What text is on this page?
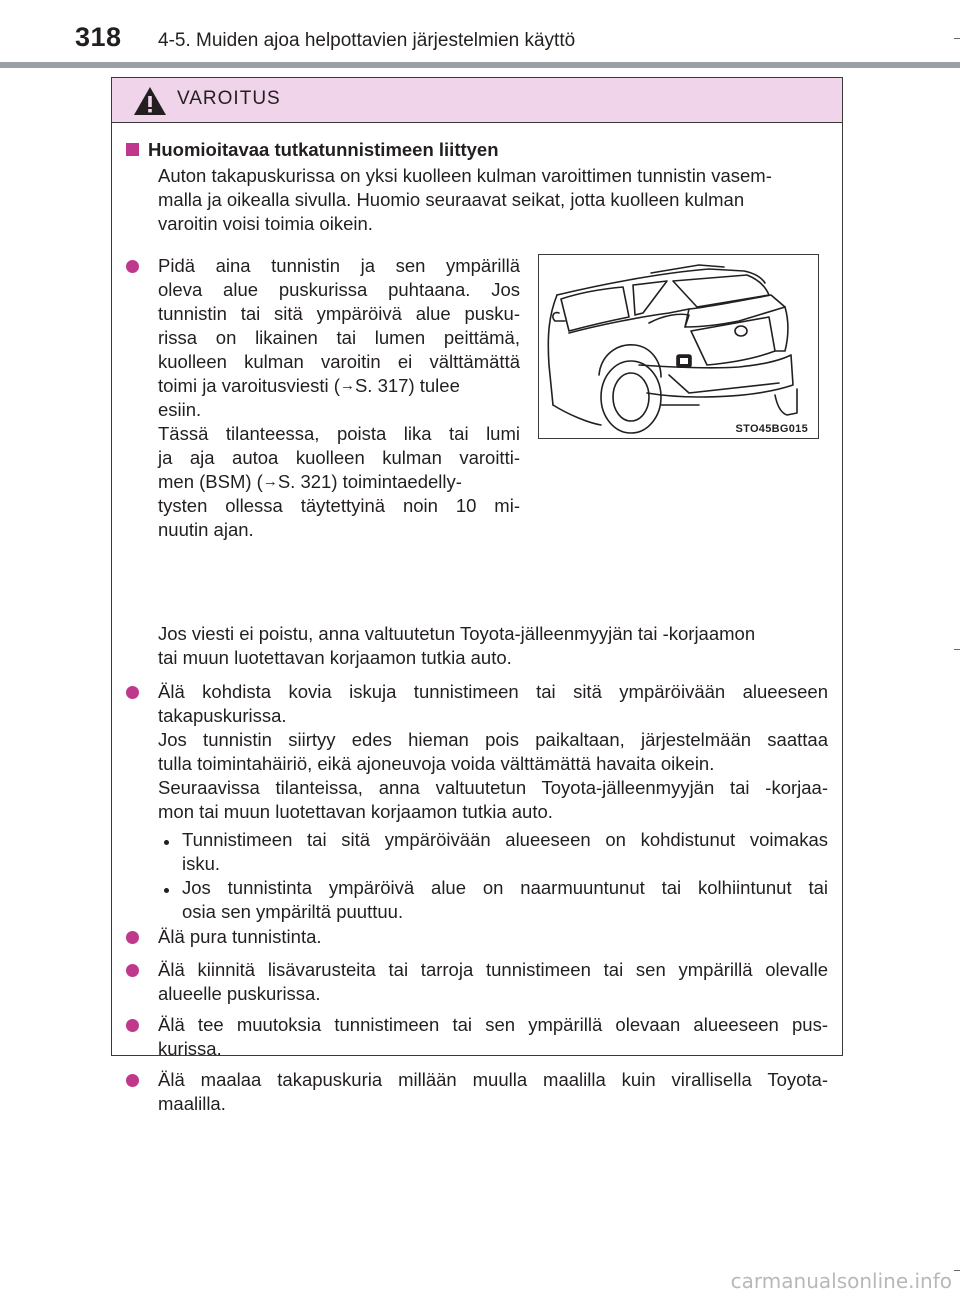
318 4-5. Muiden ajoa helpottavien järjestelmien käyttö
VAROITUS
Huomioitavaa tutkatunnistimeen liittyen
Auton takapuskurissa on yksi kuolleen kulman varoittimen tunnistin vasem-
malla ja oikealla sivulla. Huomio seuraavat seikat, jotta kuolleen kulman
varoitin voisi toimia oikein.
Pidä aina tunnistin ja sen ympärillä
oleva alue puskurissa puhtaana. Jos
tunnistin tai sitä ympäröivä alue pusku-
rissa on likainen tai lumen peittämä,
kuolleen kulman varoitin ei välttämättä
toimi ja varoitusviesti (→S. 317) tulee
esiin.
Tässä tilanteessa, poista lika tai lumi
ja aja autoa kuolleen kulman varoitti-
men (BSM) (→S. 321) toimintaedelly-
tysten ollessa täytettyinä noin 10 mi-
nuutin ajan.
Jos viesti ei poistu, anna valtuutetun Toyota-jälleenmyyjän tai -korjaamon
tai muun luotettavan korjaamon tutkia auto.
Älä kohdista kovia iskuja tunnistimeen tai sitä ympäröivään alueeseen
takapuskurissa.
Jos tunnistin siirtyy edes hieman pois paikaltaan, järjestelmään saattaa
tulla toimintahäiriö, eikä ajoneuvoja voida välttämättä havaita oikein.
Seuraavissa tilanteissa, anna valtuutetun Toyota-jälleenmyyjän tai -korjaa-
mon tai muun luotettavan korjaamon tutkia auto.
Tunnistimeen tai sitä ympäröivään alueeseen on kohdistunut voimakas
isku.
Jos tunnistinta ympäröivä alue on naarmuuntunut tai kolhiintunut tai
osia sen ympäriltä puuttuu.
Älä pura tunnistinta.
Älä kiinnitä lisävarusteita tai tarroja tunnistimeen tai sen ympärillä olevalle
alueelle puskurissa.
Älä tee muutoksia tunnistimeen tai sen ympärillä olevaan alueeseen pus-
kurissa.
Älä maalaa takapuskuria millään muulla maalilla kuin virallisella Toyota-
maalilla.
STO45BG015
carmanualsonline.info
